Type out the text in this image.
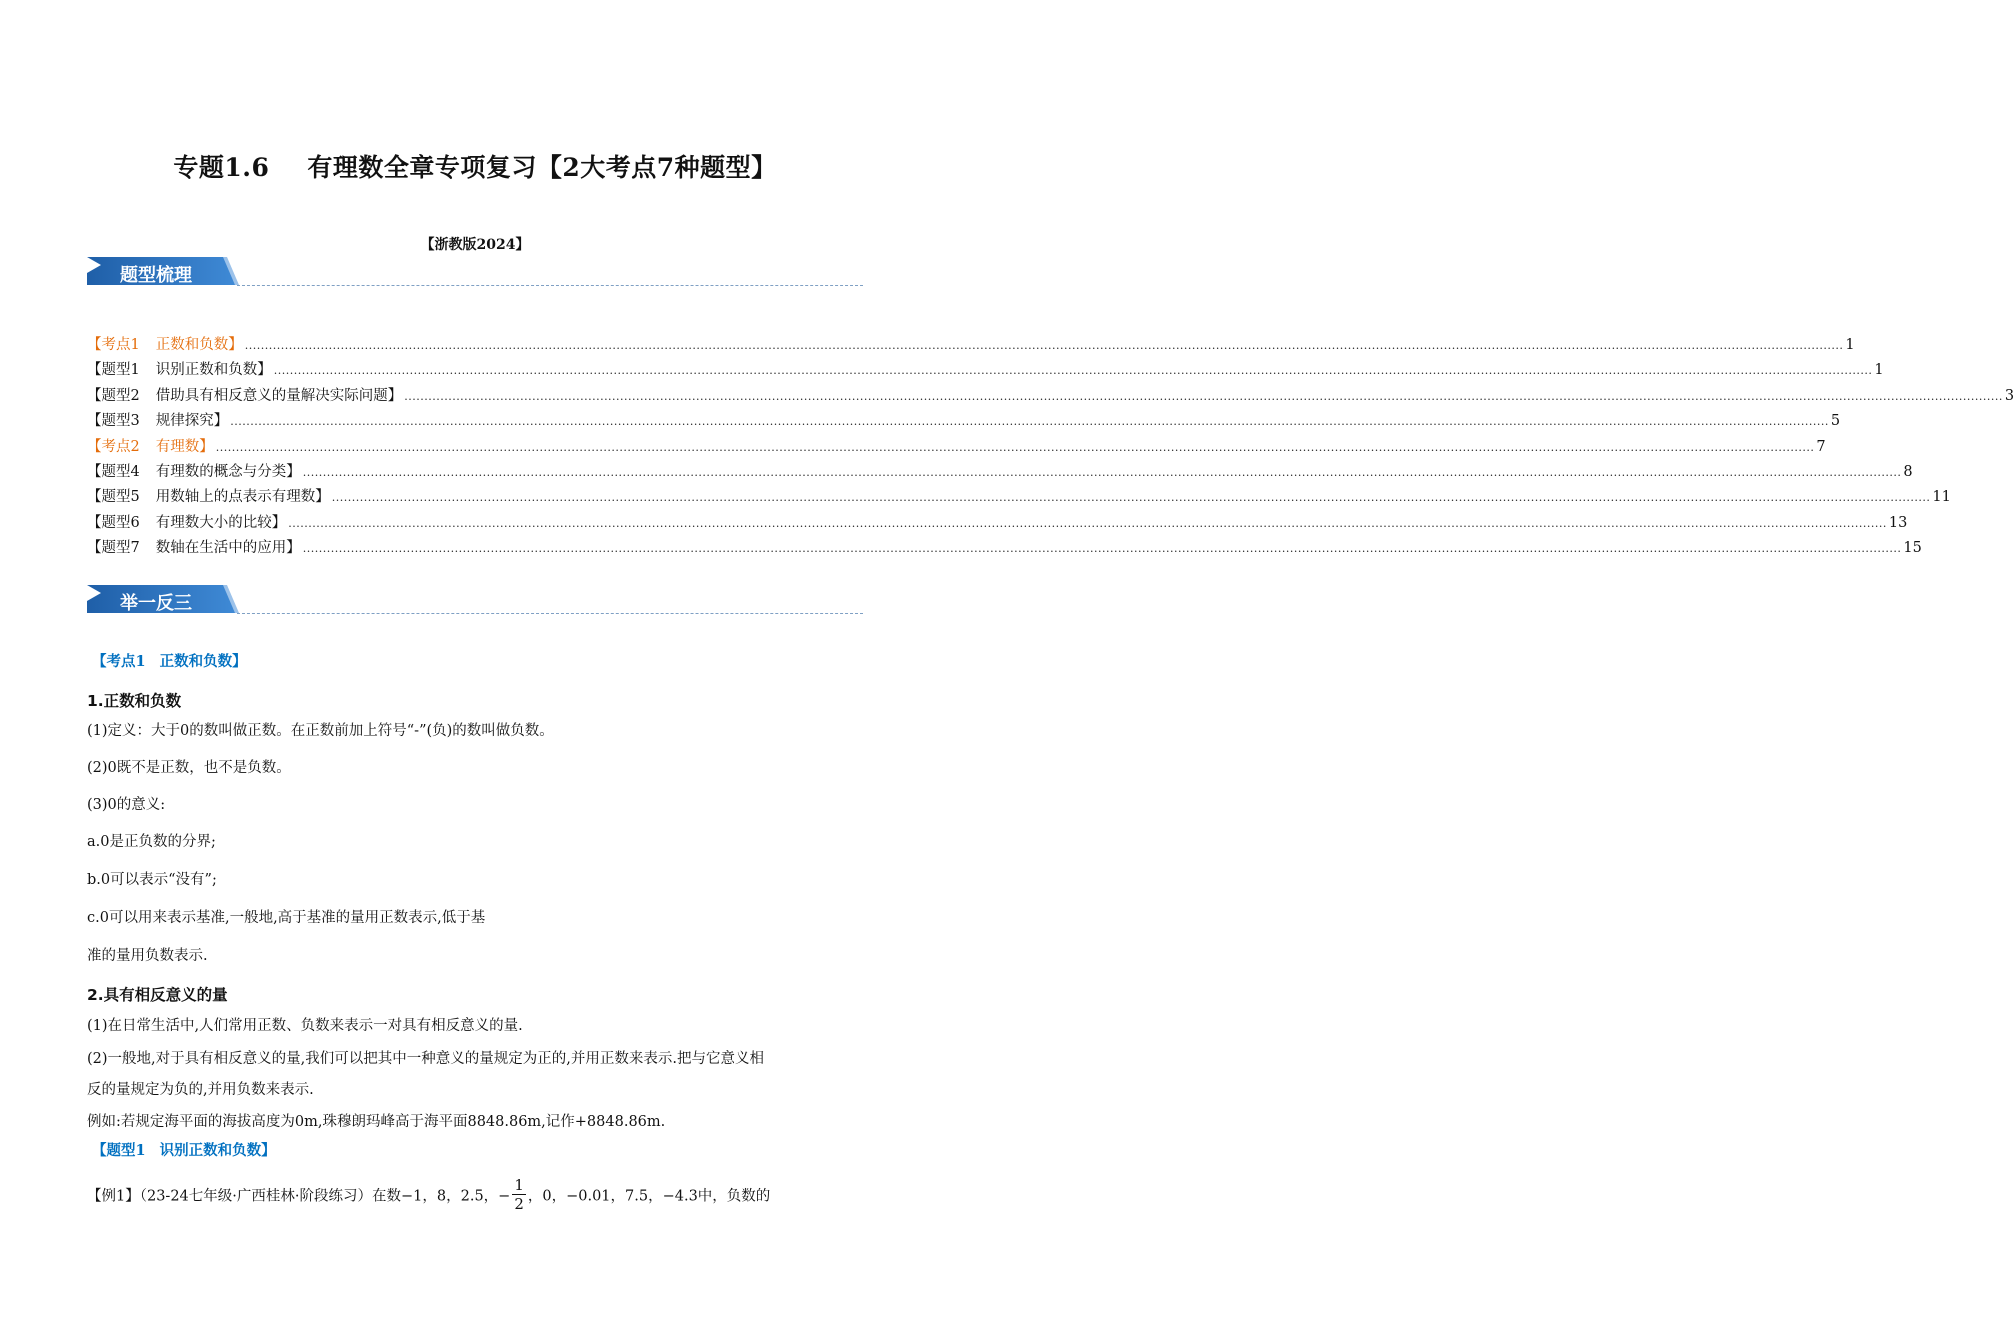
专题1.6 有理数全章专项复习【2大考点7种题型】
【浙教版2024】
题型梳理
【考点1 正数和负数】 ................................................................................................................................................................................................................................................................................................................................................................................................................ 1
【题型1 识别正数和负数】 ................................................................................................................................................................................................................................................................................................................................................................................................................ 1
【题型2 借助具有相反意义的量解决实际问题】 ................................................................................................................................................................................................................................................................................................................................................................................................................ 3
【题型3 规律探究】 ................................................................................................................................................................................................................................................................................................................................................................................................................ 5
【考点2 有理数】 ................................................................................................................................................................................................................................................................................................................................................................................................................ 7
【题型4 有理数的概念与分类】 ................................................................................................................................................................................................................................................................................................................................................................................................................ 8
【题型5 用数轴上的点表示有理数】 ................................................................................................................................................................................................................................................................................................................................................................................................................ 11
【题型6 有理数大小的比较】 ................................................................................................................................................................................................................................................................................................................................................................................................................ 13
【题型7 数轴在生活中的应用】 ................................................................................................................................................................................................................................................................................................................................................................................................................ 15
举一反三
【考点1 正数和负数】
1.正数和负数
(1)定义：大于0的数叫做正数。在正数前加上符号“-”(负)的数叫做负数。
(2)0既不是正数，也不是负数。
(3)0的意义:
a.0是正负数的分界;
b.0可以表示“没有”;
c.0可以用来表示基准,一般地,高于基准的量用正数表示,低于基
准的量用负数表示.
2.具有相反意义的量
(1)在日常生活中,人们常用正数、负数来表示一对具有相反意义的量.
(2)一般地,对于具有相反意义的量,我们可以把其中一种意义的量规定为正的,并用正数来表示.把与它意义相
反的量规定为负的,并用负数来表示.
例如:若规定海平面的海拔高度为0m,珠穆朗玛峰高于海平面8848.86m,记作+8848.86m.
【题型1 识别正数和负数】
【例1】（23-24七年级·广西桂林·阶段练习）在数−1，8，2.5，− $\frac{1}{2}$ ，0，−0.01，7.5，−4.3中，负数的
